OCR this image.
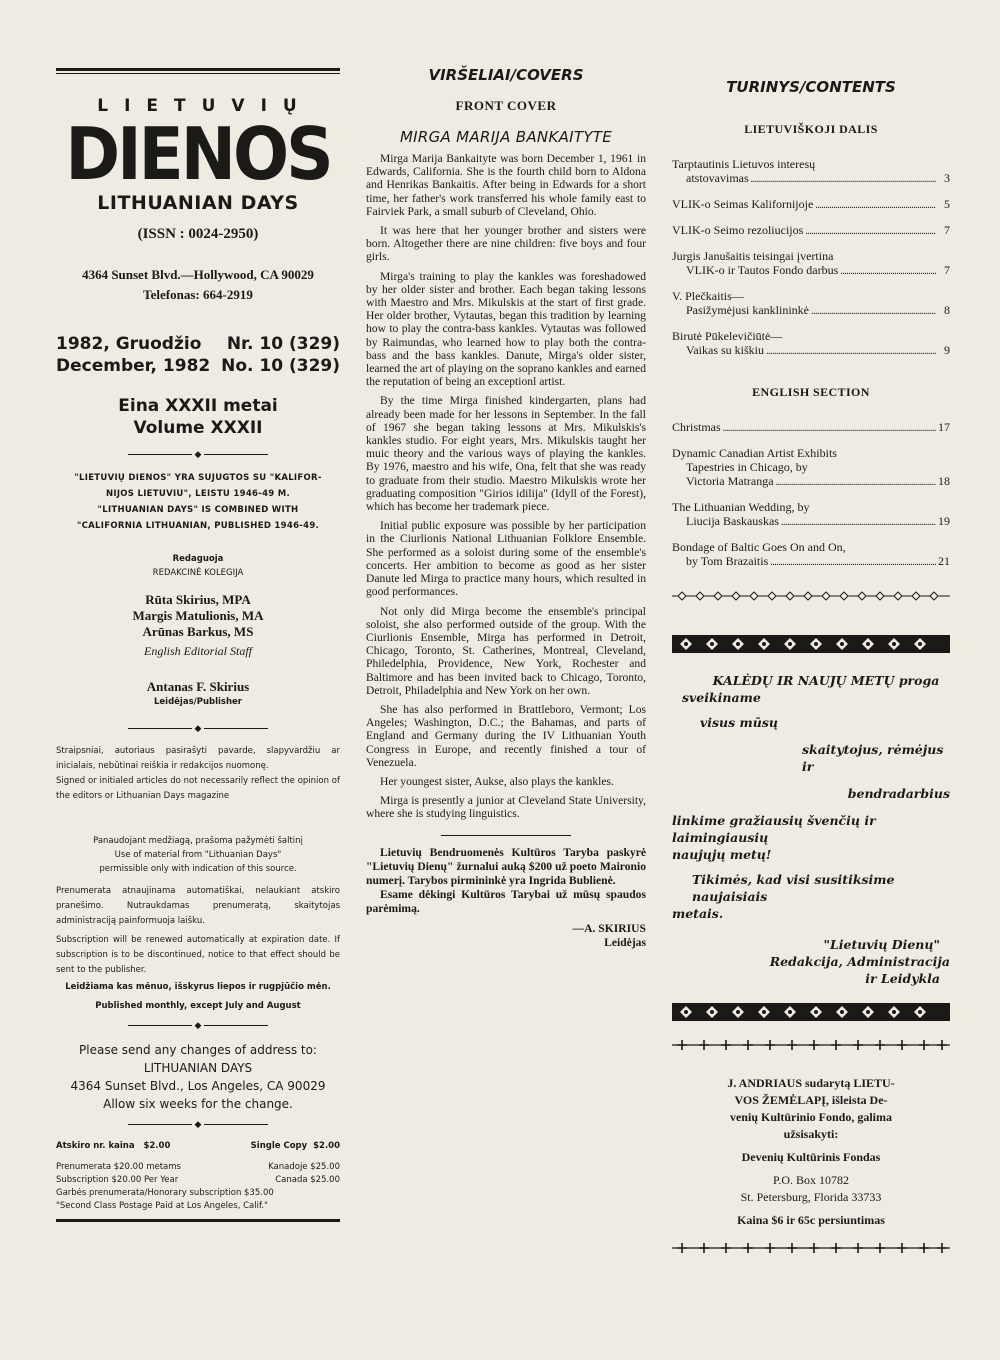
LIETUVIŲ
DIENOS
LITHUANIAN DAYS
(ISSN : 0024-2950)
4364 Sunset Blvd.—Hollywood, CA 90029
Telefonas: 664-2919
1982, Gruodžio Nr. 10 (329)
December, 1982 No. 10 (329)
Eina XXXII metai
Volume XXXII
◆
"LIETUVIŲ DIENOS" YRA SUJUGTOS SU "KALIFOR-
NIJOS LIETUVIU", LEISTU 1946-49 M.
"LITHUANIAN DAYS" IS COMBINED WITH
"CALIFORNIA LITHUANIAN, PUBLISHED 1946-49.
Redaguoja
REDAKCINĖ KOLEGIJA
Rūta Skirius, MPA
Margis Matulionis, MA
Arūnas Barkus, MS
English Editorial Staff
Antanas F. Skirius
Leidėjas/Publisher
◆
Straipsniai, autoriaus pasirašyti pavarde, slapyvardžiu ar inicialais, nebūtinai reiškia ir redakcijos nuomonę.
Signed or initialed articles do not necessarily reflect the opinion of the editors or Lithuanian Days magazine
Panaudojant medžiagą, prašoma pažymėti šaltinį
Use of material from "Lithuanian Days"
permissible only with indication of this source.
Prenumerata atnaujinama automatiškai, nelaukiant atskiro pranešimo. Nutraukdamas prenumeratą, skaitytojas administraciją painformuoja laišku.
Subscription will be renewed automatically at expiration date. If subscription is to be discontinued, notice to that effect should be sent to the publisher.
Leidžiama kas mėnuo, išskyrus liepos ir rugpjūčio mėn.
Published monthly, except July and August
◆
Please send any changes of address to:
LITHUANIAN DAYS
4364 Sunset Blvd., Los Angeles, CA 90029
Allow six weeks for the change.
◆
Atskiro nr. kaina $2.00	Single Copy $2.00
Prenumerata $20.00 metams	Kanadoje $25.00
Subscription $20.00 Per Year	Canada $25.00
Garbės prenumerata/Honorary subscription $35.00
"Second Class Postage Paid at Los Angeles, Calif."
VIRŠELIAI/COVERS
FRONT COVER
MIRGA MARIJA BANKAITYTE

Mirga Marija Bankaityte was born December 1, 1961 in Edwards, California. She is the fourth child born to Aldona and Henrikas Bankaitis. After being in Edwards for a short time, her father's work transferred his whole family east to Fairviek Park, a small suburb of Cleveland, Ohio.

It was here that her younger brother and sisters were born. Altogether there are nine children: five boys and four girls.

Mirga's training to play the kankles was foreshadowed by her older sister and brother. Each began taking lessons with Maestro and Mrs. Mikulskis at the start of first grade. Her older brother, Vytautas, began this tradition by learning how to play the contra-bass kankles. Vytautas was followed by Raimundas, who learned how to play both the contra-bass and the bass kankles. Danute, Mirga's older sister, learned the art of playing on the soprano kankles and earned the reputation of being an exceptionl artist.

By the time Mirga finished kindergarten, plans had already been made for her lessons in September. In the fall of 1967 she began taking lessons at Mrs. Mikulskis's kankles studio. For eight years, Mrs. Mikulskis taught her muic theory and the various ways of playing the kankles. By 1976, maestro and his wife, Ona, felt that she was ready to graduate from their studio. Maestro Mikulskis wrote her graduating composition "Girios idilija" (Idyll of the Forest), which has become her trademark piece.

Initial public exposure was possible by her participation in the Ciurlionis National Lithuanian Folklore Ensemble. She performed as a soloist during some of the ensemble's concerts. Her ambition to become as good as her sister Danute led Mirga to practice many hours, which resulted in good performances.

Not only did Mirga become the ensemble's principal soloist, she also performed outside of the group. With the Ciurlionis Ensemble, Mirga has performed in Detroit, Chicago, Toronto, St. Catherines, Montreal, Cleveland, Philedelphia, Providence, New York, Rochester and Baltimore and has been invited back to Chicago, Toronto, Detroit, Philadelphia and New York on her own.

She has also performed in Brattleboro, Vermont; Los Angeles; Washington, D.C.; the Bahamas, and parts of England and Germany during the IV Lithuanian Youth Congress in Europe, and recently finished a tour of Venezuela.

Her youngest sister, Aukse, also plays the kankles.

Mirga is presently a junior at Cleveland State University, where she is studying linguistics.

Lietuvių Bendruomenės Kultūros Taryba paskyrė "Lietuvių Dienų" žurnalui auką $200 už poeto Maironio numerį. Tarybos pirmininkė yra Ingrida Bublienė.

Esame dėkingi Kultūros Tarybai už mūsų spaudos parėmimą.

—A. SKIRIUS
Leidėjas
TURINYS/CONTENTS
LIETUVIŠKOJI DALIS
Tarptautinis Lietuvos interesų
atstovavimas . . .	3
VLIK-o Seimas Kalifornijoje . . .	5
VLIK-o Seimo rezoliucijos . . .	7
Jurgis Janušaitis teisingai įvertina
VLIK-o ir Tautos Fondo darbus . . .	7
V. Plečkaitis—
Pasižymėjusi kanklininkė . . .	8
Birutė Pūkelevičiūtė—
Vaikas su kiškiu . . .	9
ENGLISH SECTION
Christmas . . .	17
Dynamic Canadian Artist Exhibits
Tapestries in Chicago, by
Victoria Matranga . . .	18
The Lithuanian Wedding, by
Liucija Baskauskas . . .	19
Bondage of Baltic Goes On and On,
by Tom Brazaitis . . .	21

KALĖDŲ IR NAUJŲ METŲ proga
sveikiname
visus mūsų
skaitytojus, rėmėjus ir
bendradarbius
linkime gražiausių švenčių ir laimingiausių
naujųjų metų!
Tikimės, kad visi susitiksime naujaisiais
metais.
"Lietuvių Dienų"
Redakcija, Administracija
ir Leidykla

J. ANDRIAUS sudarytą LIETU-
VOS ŽEMĖLAPĮ, išleista De-
venių Kultūrinio Fondo, galima
užsisakyti:
Devenių Kultūrinis Fondas
P.O. Box 10782
St. Petersburg, Florida 33733
Kaina $6 ir 65c persiuntimas
